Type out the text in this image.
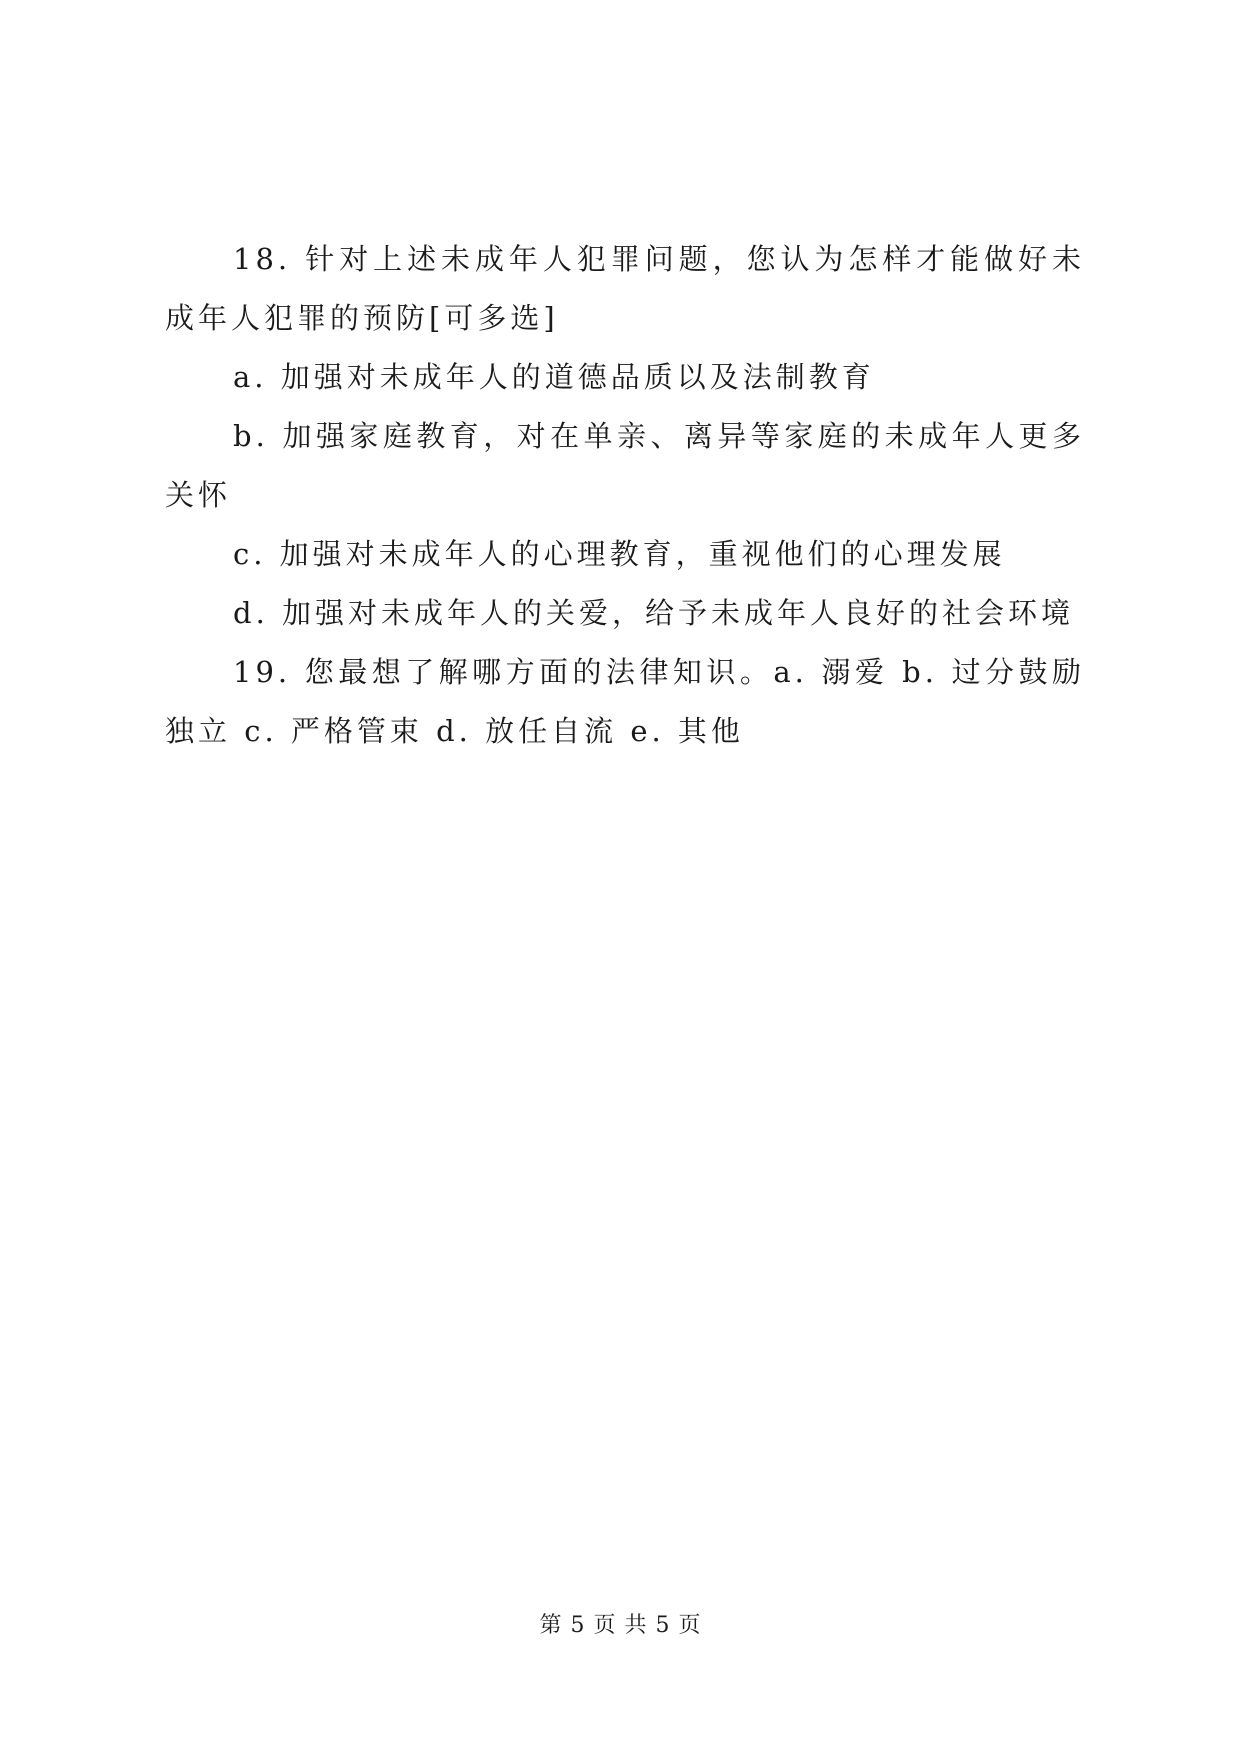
18. 针对上述未成年人犯罪问题，您认为怎样才能做好未成年人犯罪的预防[可多选]

a. 加强对未成年人的道德品质以及法制教育

b. 加强家庭教育，对在单亲、离异等家庭的未成年人更多关怀

c. 加强对未成年人的心理教育，重视他们的心理发展

d. 加强对未成年人的关爱，给予未成年人良好的社会环境

19. 您最想了解哪方面的法律知识。a. 溺爱 b. 过分鼓励独立 c. 严格管束 d. 放任自流 e. 其他

第 5 页 共 5 页
